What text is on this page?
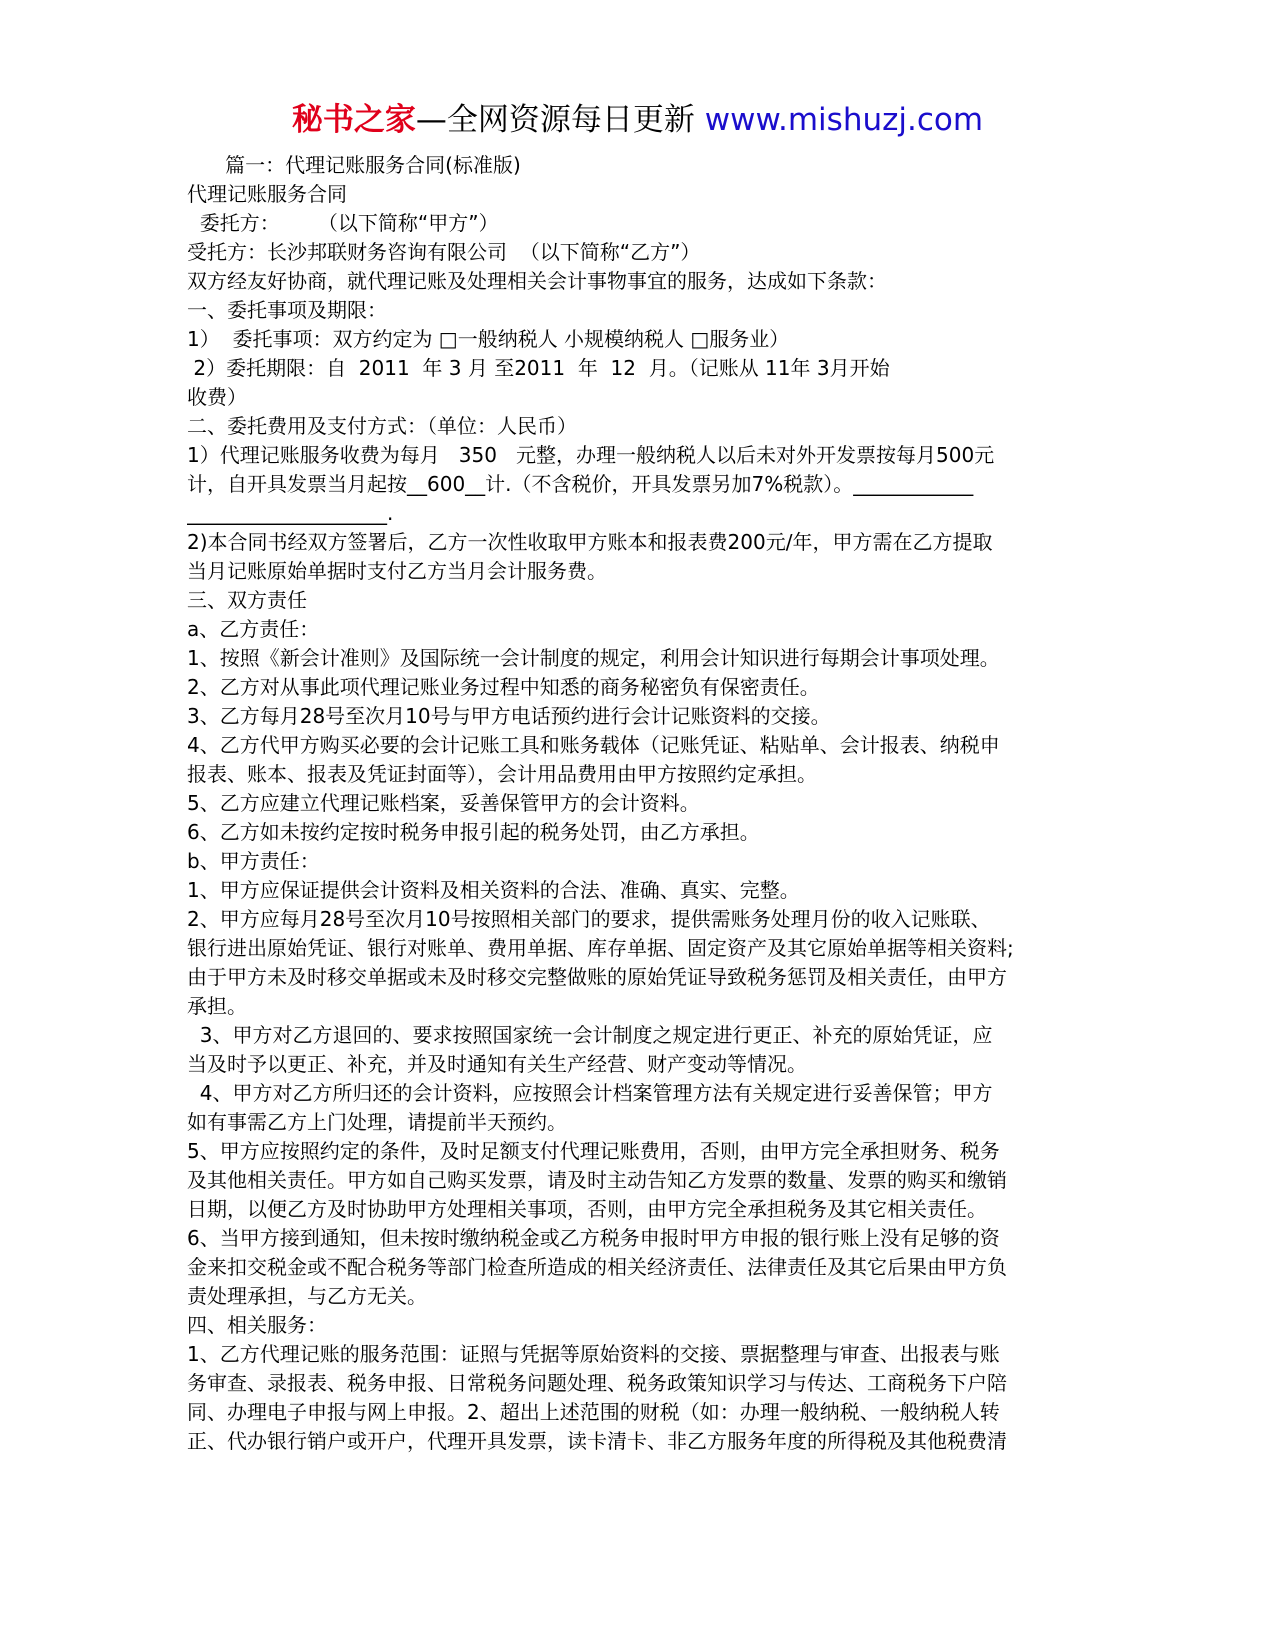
秘书之家—全网资源每日更新 www.mishuzj.com
篇一：代理记账服务合同(标准版)
代理记账服务合同
委托方：      （以下简称“甲方”）
受托方：长沙邦联财务咨询有限公司  （以下简称“乙方”）
双方经友好协商，就代理记账及处理相关会计事物事宜的服务，达成如下条款：
一、委托事项及期限：
1）  委托事项：双方约定为 □一般纳税人 小规模纳税人 □服务业）
2）委托期限：自  2011  年 3 月 至2011  年  12  月。（记账从 11年 3月开始
收费）
二、委托费用及支付方式：（单位：人民币）
1）代理记账服务收费为每月   350   元整，办理一般纳税人以后未对外开发票按每月500元
计，自开具发票当月起按__600__计.（不含税价，开具发票另加7%税款）。____________
____________________.
2)本合同书经双方签署后，乙方一次性收取甲方账本和报表费200元/年，甲方需在乙方提取
当月记账原始单据时支付乙方当月会计服务费。
三、双方责任
a、乙方责任：
1、按照《新会计准则》及国际统一会计制度的规定，利用会计知识进行每期会计事项处理。
2、乙方对从事此项代理记账业务过程中知悉的商务秘密负有保密责任。
3、乙方每月28号至次月10号与甲方电话预约进行会计记账资料的交接。
4、乙方代甲方购买必要的会计记账工具和账务载体（记账凭证、粘贴单、会计报表、纳税申
报表、账本、报表及凭证封面等），会计用品费用由甲方按照约定承担。
5、乙方应建立代理记账档案，妥善保管甲方的会计资料。
6、乙方如未按约定按时税务申报引起的税务处罚，由乙方承担。
b、甲方责任：
1、甲方应保证提供会计资料及相关资料的合法、准确、真实、完整。
2、甲方应每月28号至次月10号按照相关部门的要求，提供需账务处理月份的收入记账联、
银行进出原始凭证、银行对账单、费用单据、库存单据、固定资产及其它原始单据等相关资料;
由于甲方未及时移交单据或未及时移交完整做账的原始凭证导致税务惩罚及相关责任，由甲方
承担。
3、甲方对乙方退回的、要求按照国家统一会计制度之规定进行更正、补充的原始凭证，应
当及时予以更正、补充，并及时通知有关生产经营、财产变动等情况。
4、甲方对乙方所归还的会计资料，应按照会计档案管理方法有关规定进行妥善保管；甲方
如有事需乙方上门处理，请提前半天预约。
5、甲方应按照约定的条件，及时足额支付代理记账费用，否则，由甲方完全承担财务、税务
及其他相关责任。甲方如自己购买发票，请及时主动告知乙方发票的数量、发票的购买和缴销
日期，以便乙方及时协助甲方处理相关事项，否则，由甲方完全承担税务及其它相关责任。
6、当甲方接到通知，但未按时缴纳税金或乙方税务申报时甲方申报的银行账上没有足够的资
金来扣交税金或不配合税务等部门检查所造成的相关经济责任、法律责任及其它后果由甲方负
责处理承担，与乙方无关。
四、相关服务：
1、乙方代理记账的服务范围：证照与凭据等原始资料的交接、票据整理与审查、出报表与账
务审查、录报表、税务申报、日常税务问题处理、税务政策知识学习与传达、工商税务下户陪
同、办理电子申报与网上申报。2、超出上述范围的财税（如：办理一般纳税、一般纳税人转
正、代办银行销户或开户，代理开具发票，读卡清卡、非乙方服务年度的所得税及其他税费清
